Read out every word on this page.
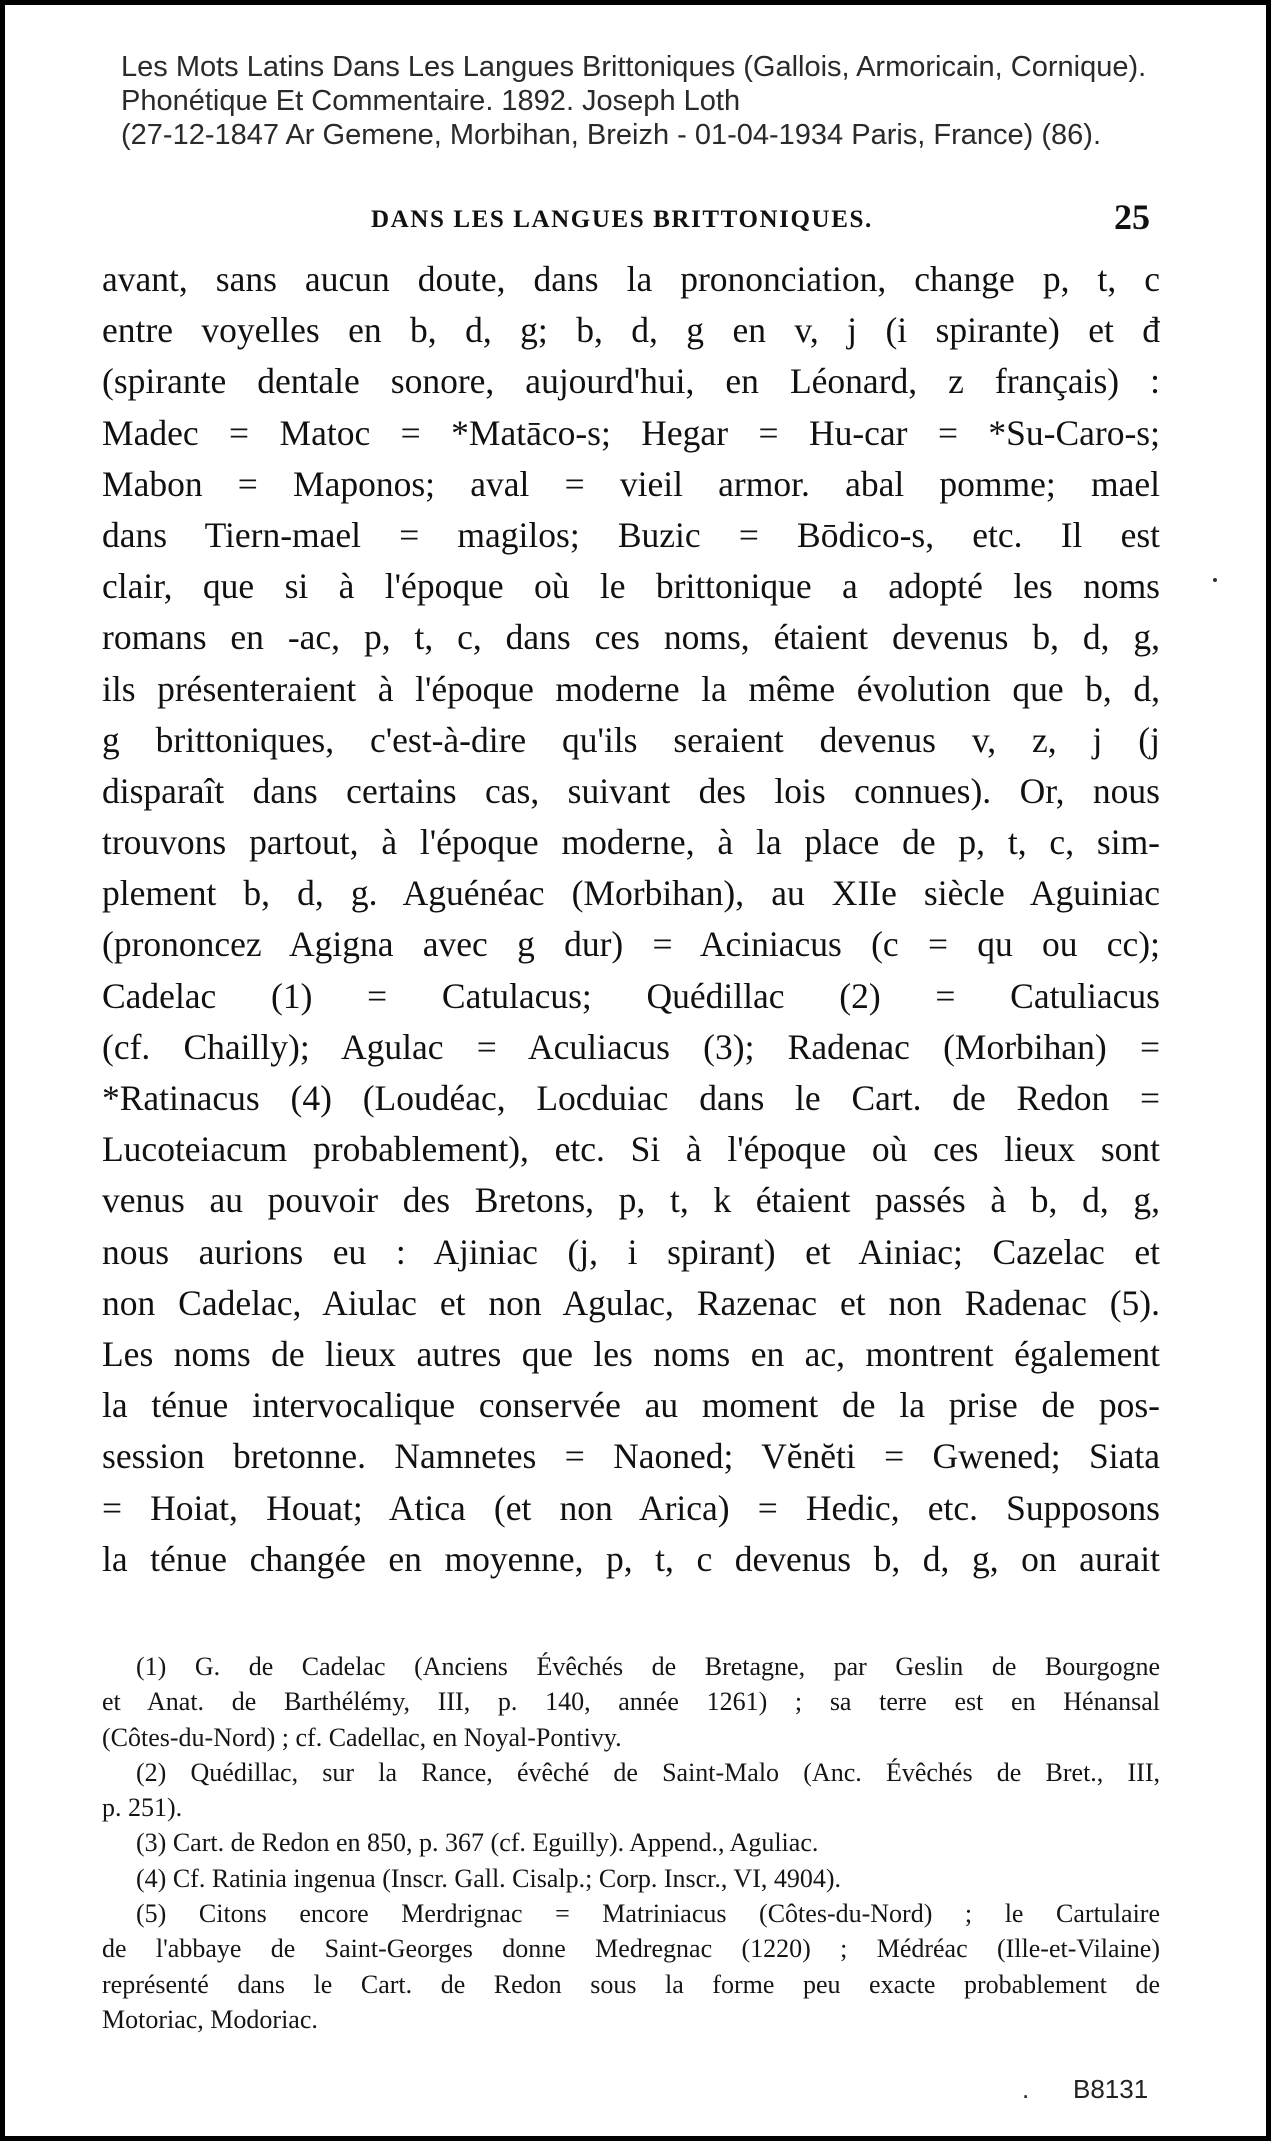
Les Mots Latins Dans Les Langues Brittoniques (Gallois, Armoricain, Cornique).
Phonétique Et Commentaire. 1892. Joseph Loth
(27-12-1847 Ar Gemene, Morbihan, Breizh - 01-04-1934 Paris, France) (86).
DANS LES LANGUES BRITTONIQUES.	25
avant, sans aucun doute, dans la prononciation, change p, t, c
entre voyelles en b, d, g; b, d, g en v, j (i spirante) et đ
(spirante dentale sonore, aujourd'hui, en Léonard, z français) :
Madec = Matoc = *Matāco-s; Hegar = Hu-car = *Su-Caro-s;
Mabon = Maponos; aval = vieil armor. abal pomme; mael
dans Tiern-mael = magilos; Buzic = Bōdico-s, etc. Il est
clair, que si à l'époque où le brittonique a adopté les noms
romans en -ac, p, t, c, dans ces noms, étaient devenus b, d, g,
ils présenteraient à l'époque moderne la même évolution que b, d,
g brittoniques, c'est-à-dire qu'ils seraient devenus v, z, j (j
disparaît dans certains cas, suivant des lois connues). Or, nous
trouvons partout, à l'époque moderne, à la place de p, t, c, sim-
plement b, d, g. Aguénéac (Morbihan), au XIIe siècle Aguiniac
(prononcez Agigna avec g dur) = Aciniacus (c = qu ou cc);
Cadelac (1) = Catulacus; Quédillac (2) = Catuliacus
(cf. Chailly); Agulac = Aculiacus (3); Radenac (Morbihan) =
*Ratinacus (4) (Loudéac, Locduiac dans le Cart. de Redon =
Lucoteiacum probablement), etc. Si à l'époque où ces lieux sont
venus au pouvoir des Bretons, p, t, k étaient passés à b, d, g,
nous aurions eu : Ajiniac (j, i spirant) et Ainiac; Cazelac et
non Cadelac, Aiulac et non Agulac, Razenac et non Radenac (5).
Les noms de lieux autres que les noms en ac, montrent également
la ténue intervocalique conservée au moment de la prise de pos-
session bretonne. Namnetes = Naoned; Vĕnĕti = Gwened; Siata
= Hoiat, Houat; Atica (et non Arica) = Hedic, etc. Supposons
la ténue changée en moyenne, p, t, c devenus b, d, g, on aurait
(1) G. de Cadelac (Anciens Évêchés de Bretagne, par Geslin de Bourgogne
et Anat. de Barthélémy, III, p. 140, année 1261) ; sa terre est en Hénansal
(Côtes-du-Nord) ; cf. Cadellac, en Noyal-Pontivy.
(2) Quédillac, sur la Rance, évêché de Saint-Malo (Anc. Évêchés de Bret., III,
p. 251).
(3) Cart. de Redon en 850, p. 367 (cf. Eguilly). Append., Aguliac.
(4) Cf. Ratinia ingenua (Inscr. Gall. Cisalp.; Corp. Inscr., VI, 4904).
(5) Citons encore Merdrignac = Matriniacus (Côtes-du-Nord) ; le Cartulaire
de l'abbaye de Saint-Georges donne Medregnac (1220) ; Médréac (Ille-et-Vilaine)
représenté dans le Cart. de Redon sous la forme peu exacte probablement de
Motoriac, Modoriac.
. B8131
